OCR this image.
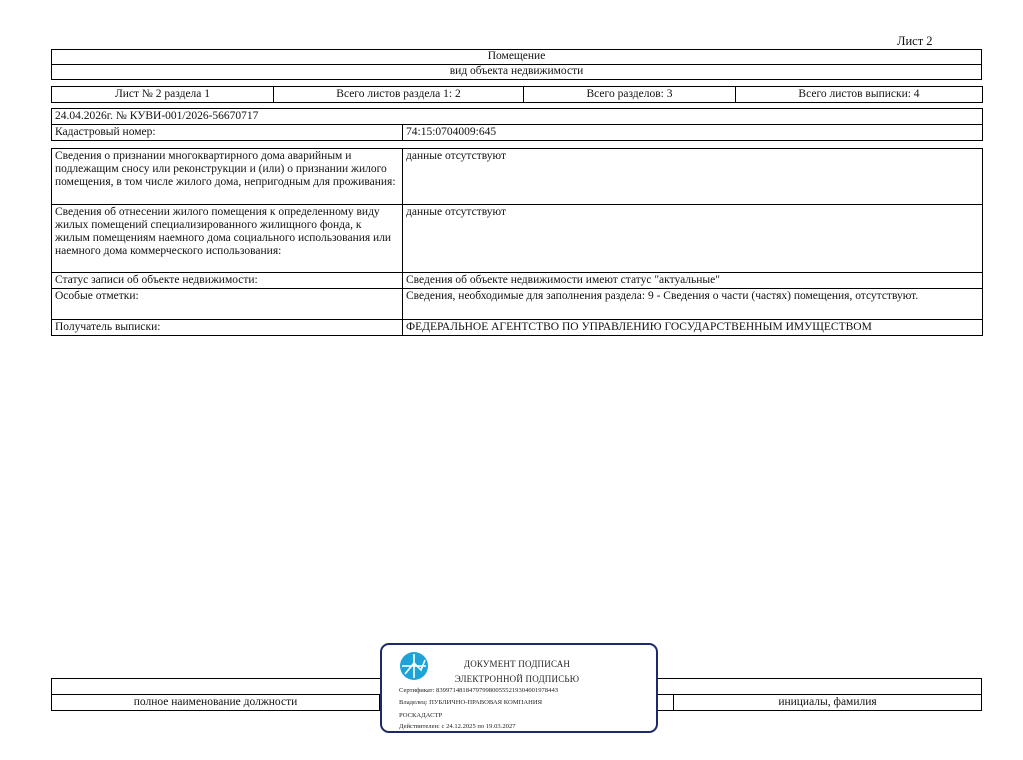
Лист 2
Помещение
вид объекта недвижимости
Лист № 2 раздела 1	Всего листов раздела 1: 2	Всего разделов: 3	Всего листов выписки: 4
24.04.2026г. № КУВИ-001/2026-56670717
Кадастровый номер:	74:15:0704009:645
Сведения о признании многоквартирного дома аварийным и подлежащим сносу или реконструкции и (или) о признании жилого помещения, в том числе жилого дома, непригодным для проживания:	данные отсутствуют
Сведения об отнесении жилого помещения к определенному виду жилых помещений специализированного жилищного фонда, к жилым помещениям наемного дома социального использования или наемного дома коммерческого использования:	данные отсутствуют
Статус записи об объекте недвижимости:	Сведения об объекте недвижимости имеют статус "актуальные"
Особые отметки:	Сведения, необходимые для заполнения раздела: 9 - Сведения о части (частях) помещения, отсутствуют.
Получатель выписки:	ФЕДЕРАЛЬНОЕ АГЕНТСТВО ПО УПРАВЛЕНИЮ ГОСУДАРСТВЕННЫМ ИМУЩЕСТВОМ
полное наименование должности	инициалы, фамилия
ДОКУМЕНТ ПОДПИСАН
ЭЛЕКТРОННОЙ ПОДПИСЬЮ
Сертификат: 839971481847979980055521930400197844З
Владелец: ПУБЛИЧНО-ПРАВОВАЯ КОМПАНИЯ
РОСКАДАСТР
Действителен: с 24.12.2025 по 19.03.2027
